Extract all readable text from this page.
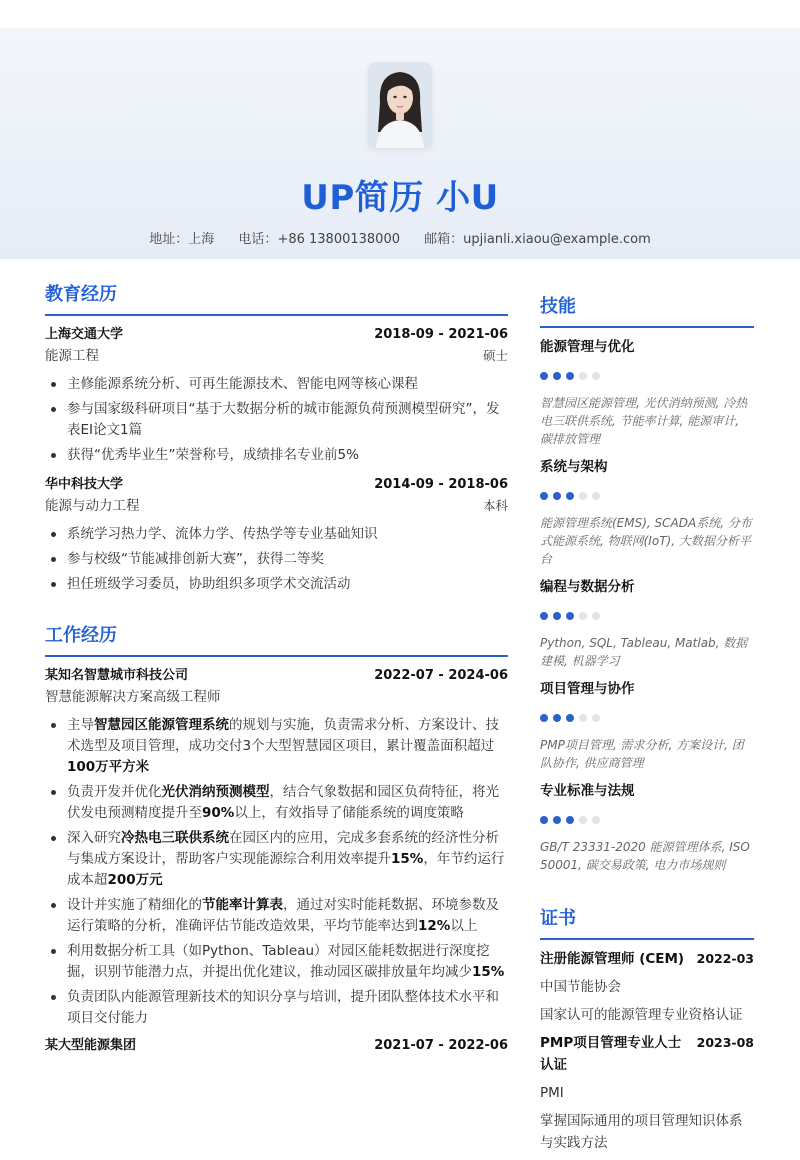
UP简历 小U
地址：上海 电话：+86 13800138000 邮箱：upjianli.xiaou@example.com
教育经历
上海交通大学	2018-09 - 2021-06
能源工程	硕士
主修能源系统分析、可再生能源技术、智能电网等核心课程
参与国家级科研项目“基于大数据分析的城市能源负荷预测模型研究”，发表EI论文1篇
获得“优秀毕业生”荣誉称号，成绩排名专业前5%
华中科技大学	2014-09 - 2018-06
能源与动力工程	本科
系统学习热力学、流体力学、传热学等专业基础知识
参与校级“节能减排创新大赛”，获得二等奖
担任班级学习委员，协助组织多项学术交流活动
工作经历
某知名智慧城市科技公司	2022-07 - 2024-06
智慧能源解决方案高级工程师
主导智慧园区能源管理系统的规划与实施，负责需求分析、方案设计、技术选型及项目管理，成功交付3个大型智慧园区项目，累计覆盖面积超过100万平方米
负责开发并优化光伏消纳预测模型，结合气象数据和园区负荷特征，将光伏发电预测精度提升至90%以上，有效指导了储能系统的调度策略
深入研究冷热电三联供系统在园区内的应用，完成多套系统的经济性分析与集成方案设计，帮助客户实现能源综合利用效率提升15%，年节约运行成本超200万元
设计并实施了精细化的节能率计算表，通过对实时能耗数据、环境参数及运行策略的分析，准确评估节能改造效果，平均节能率达到12%以上
利用数据分析工具（如Python、Tableau）对园区能耗数据进行深度挖掘，识别节能潜力点，并提出优化建议，推动园区碳排放量年均减少15%
负责团队内能源管理新技术的知识分享与培训，提升团队整体技术水平和项目交付能力
某大型能源集团	2021-07 - 2022-06
技能
能源管理与优化
智慧园区能源管理, 光伏消纳预测, 冷热电三联供系统, 节能率计算, 能源审计, 碳排放管理
系统与架构
能源管理系统(EMS), SCADA系统, 分布式能源系统, 物联网(IoT), 大数据分析平台
编程与数据分析
Python, SQL, Tableau, Matlab, 数据建模, 机器学习
项目管理与协作
PMP项目管理, 需求分析, 方案设计, 团队协作, 供应商管理
专业标准与法规
GB/T 23331-2020 能源管理体系, ISO 50001, 碳交易政策, 电力市场规则
证书
注册能源管理师 (CEM) 2022-03
中国节能协会
国家认可的能源管理专业资格认证
PMP项目管理专业人士认证
2023-08
PMI
掌握国际通用的项目管理知识体系与实践方法
